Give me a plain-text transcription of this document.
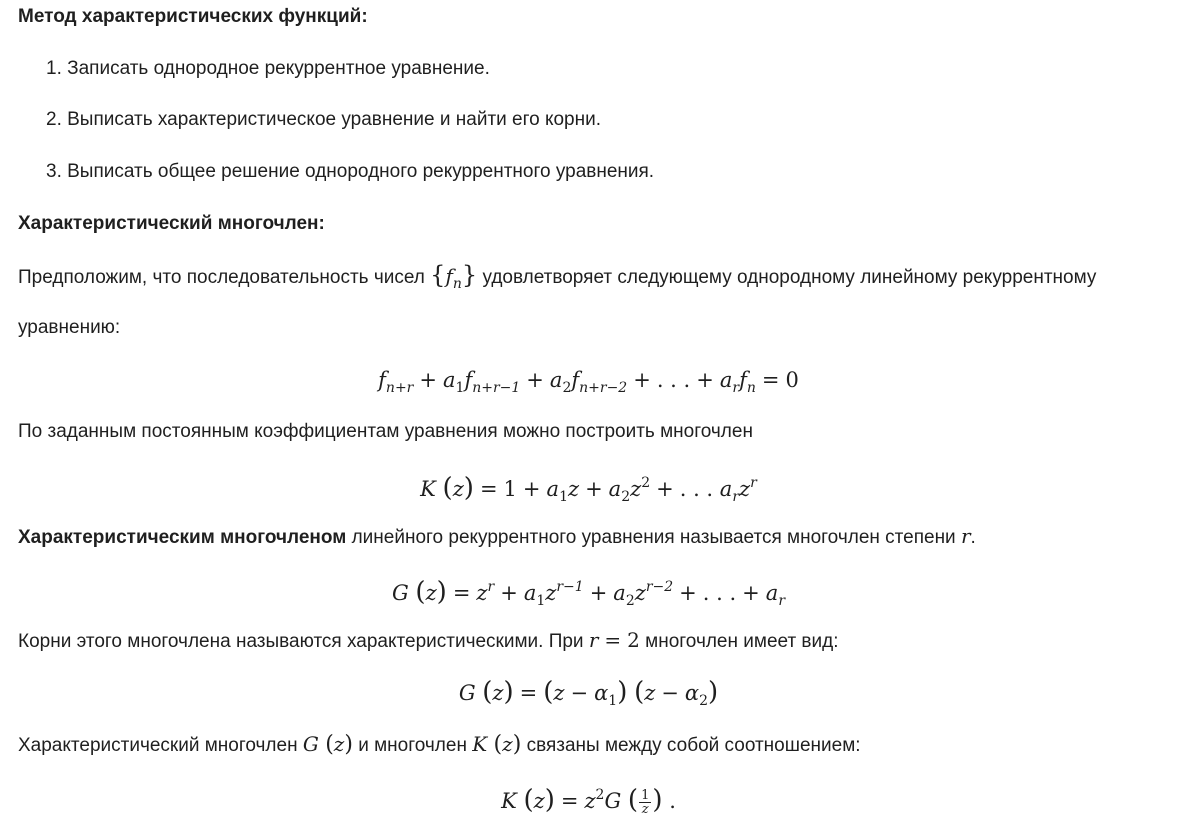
Метод характеристических функций:
1. Записать однородное рекуррентное уравнение.
2. Выписать характеристическое уравнение и найти его корни.
3. Выписать общее решение однородного рекуррентного уравнения.
Характеристический многочлен:
Предположим, что последовательность чисел $\{f_n\}$ удовлетворяет следующему однородному линейному рекуррентному
уравнению:
$f_{n+r} + a_1f_{n+r-1} + a_2f_{n+r-2}$ + . . . + $a_rf_n = 0$
По заданным постоянным коэффициентам уравнения можно построить многочлен
K $(z) = 1 + a_1z + a_2z^2$ + . . . $a_rz^r$
Характеристическим многочленом линейного рекуррентного уравнения называется многочлен степени r.
G $(z) = z^r + a_1z^{r-1} + a_2z^{r-2}$ + . . . + $a_r$
Корни этого многочлена называются характеристическими. При r = 2 многочлен имеет вид:
G $(z) = (z - \alpha_1)$ $(z - \alpha_2)$
Характеристический многочлен G (z) и многочлен K (z) связаны между собой соотношением:
K $(z) = z^2G$ ( $\frac{1}{z}$ ) .
